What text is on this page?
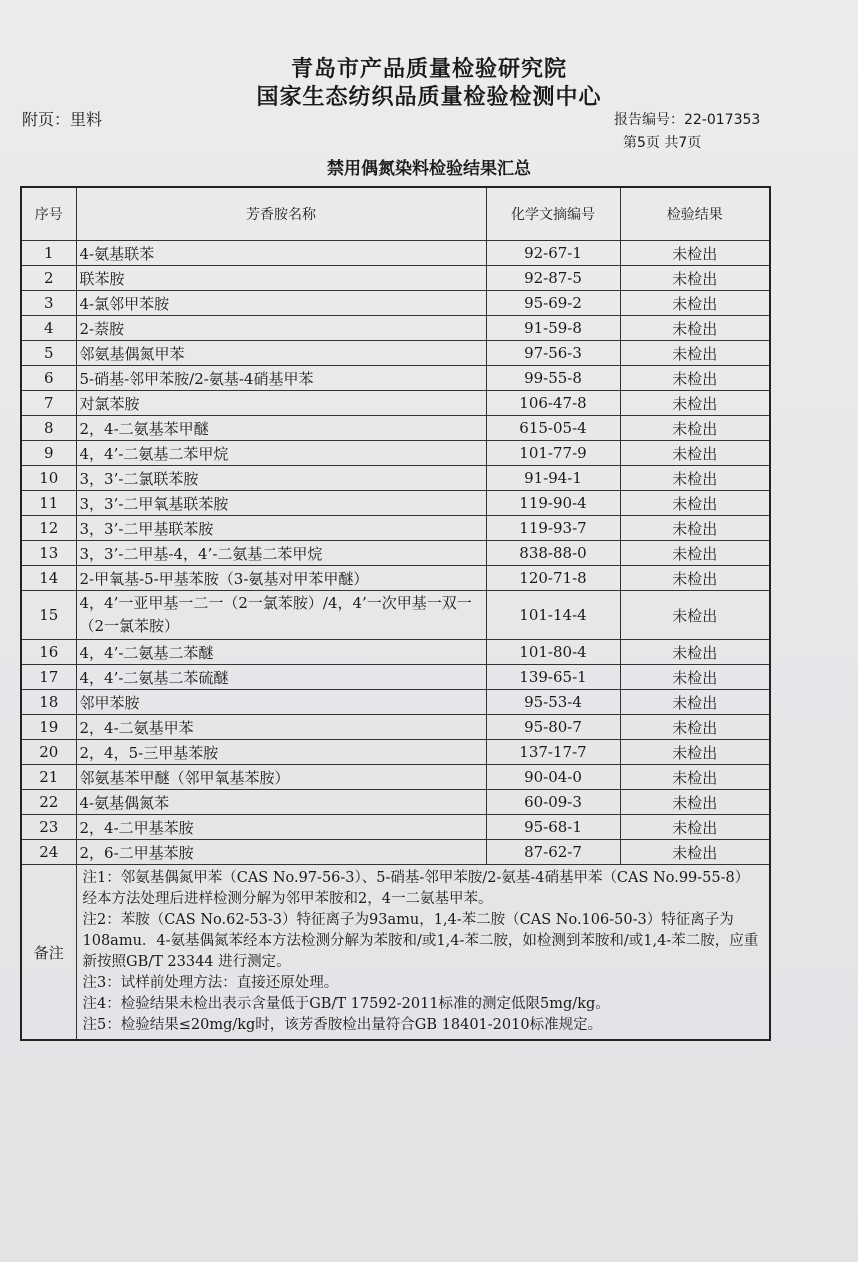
青岛市产品质量检验研究院
国家生态纺织品质量检验检测中心
附页：里料	报告编号：22-017353
第5页 共7页
禁用偶氮染料检验结果汇总
序号	芳香胺名称	化学文摘编号	检验结果
1	4-氨基联苯	92-67-1	未检出
2	联苯胺	92-87-5	未检出
3	4-氯邻甲苯胺	95-69-2	未检出
4	2-萘胺	91-59-8	未检出
5	邻氨基偶氮甲苯	97-56-3	未检出
6	5-硝基-邻甲苯胺/2-氨基-4硝基甲苯	99-55-8	未检出
7	对氯苯胺	106-47-8	未检出
8	2，4-二氨基苯甲醚	615-05-4	未检出
9	4，4’-二氨基二苯甲烷	101-77-9	未检出
10	3，3’-二氯联苯胺	91-94-1	未检出
11	3，3’-二甲氧基联苯胺	119-90-4	未检出
12	3，3’-二甲基联苯胺	119-93-7	未检出
13	3，3’-二甲基-4，4’-二氨基二苯甲烷	838-88-0	未检出
14	2-甲氧基-5-甲基苯胺（3-氨基对甲苯甲醚）	120-71-8	未检出
15	4，4’一亚甲基一二一（2一氯苯胺）/4，4’一次甲基一双一（2一氯苯胺）	101-14-4	未检出
16	4，4’-二氨基二苯醚	101-80-4	未检出
17	4，4’-二氨基二苯硫醚	139-65-1	未检出
18	邻甲苯胺	95-53-4	未检出
19	2，4-二氨基甲苯	95-80-7	未检出
20	2，4，5-三甲基苯胺	137-17-7	未检出
21	邻氨基苯甲醚（邻甲氧基苯胺）	90-04-0	未检出
22	4-氨基偶氮苯	60-09-3	未检出
23	2，4-二甲基苯胺	95-68-1	未检出
24	2，6-二甲基苯胺	87-62-7	未检出
备注	注1：邻氨基偶氮甲苯（CAS No.97-56-3）、5-硝基-邻甲苯胺/2-氨基-4硝基甲苯（CAS No.99-55-8）经本方法处理后进样检测分解为邻甲苯胺和2，4一二氨基甲苯。
注2：苯胺（CAS No.62-53-3）特征离子为93amu，1,4-苯二胺（CAS No.106-50-3）特征离子为108amu．4-氨基偶氮苯经本方法检测分解为苯胺和/或1,4-苯二胺，如检测到苯胺和/或1,4-苯二胺，应重新按照GB/T 23344 进行测定。
注3：试样前处理方法：直接还原处理。
注4：检验结果未检出表示含量低于GB/T 17592-2011标准的测定低限5mg/kg。
注5：检验结果≤20mg/kg时，该芳香胺检出量符合GB 18401-2010标准规定。		
